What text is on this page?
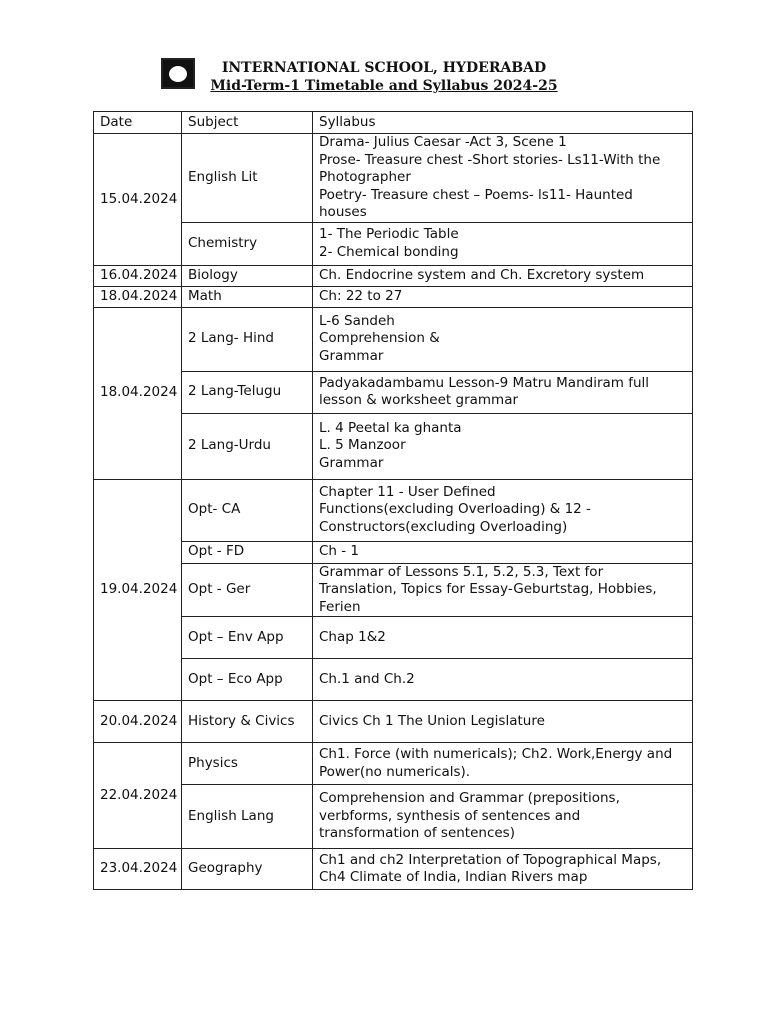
INTERNATIONAL SCHOOL, HYDERABAD
Mid-Term-1 Timetable and Syllabus 2024-25
Date	Subject	Syllabus
15.04.2024	English Lit	Drama- Julius Caesar -Act 3, Scene 1
Prose- Treasure chest -Short stories- Ls11-With the
Photographer
Poetry- Treasure chest – Poems- ls11- Haunted
houses

	Chemistry	1- The Periodic Table
2- Chemical bonding

16.04.2024	Biology	Ch. Endocrine system and Ch. Excretory system

18.04.2024	Math	Ch: 22 to 27

18.04.2024	2 Lang- Hind	L-6 Sandeh
Comprehension &
Grammar

	2 Lang-Telugu	Padyakadambamu Lesson-9 Matru Mandiram full
lesson & worksheet grammar

	2 Lang-Urdu	L. 4 Peetal ka ghanta
L. 5 Manzoor
Grammar

19.04.2024	Opt- CA	Chapter 11 - User Defined
Functions(excluding Overloading) & 12 -
Constructors(excluding Overloading)

	Opt - FD	Ch - 1

	Opt - Ger	Grammar of Lessons 5.1, 5.2, 5.3, Text for
Translation, Topics for Essay-Geburtstag, Hobbies,
Ferien

	Opt – Env App	Chap 1&2

	Opt – Eco App	Ch.1 and Ch.2

20.04.2024	History & Civics	Civics Ch 1 The Union Legislature

22.04.2024	Physics	Ch1. Force (with numericals); Ch2. Work,Energy and
Power(no numericals).

	English Lang	Comprehension and Grammar (prepositions,
verbforms, synthesis of sentences and
transformation of sentences)

23.04.2024	Geography	Ch1 and ch2 Interpretation of Topographical Maps,
Ch4 Climate of India, Indian Rivers map
